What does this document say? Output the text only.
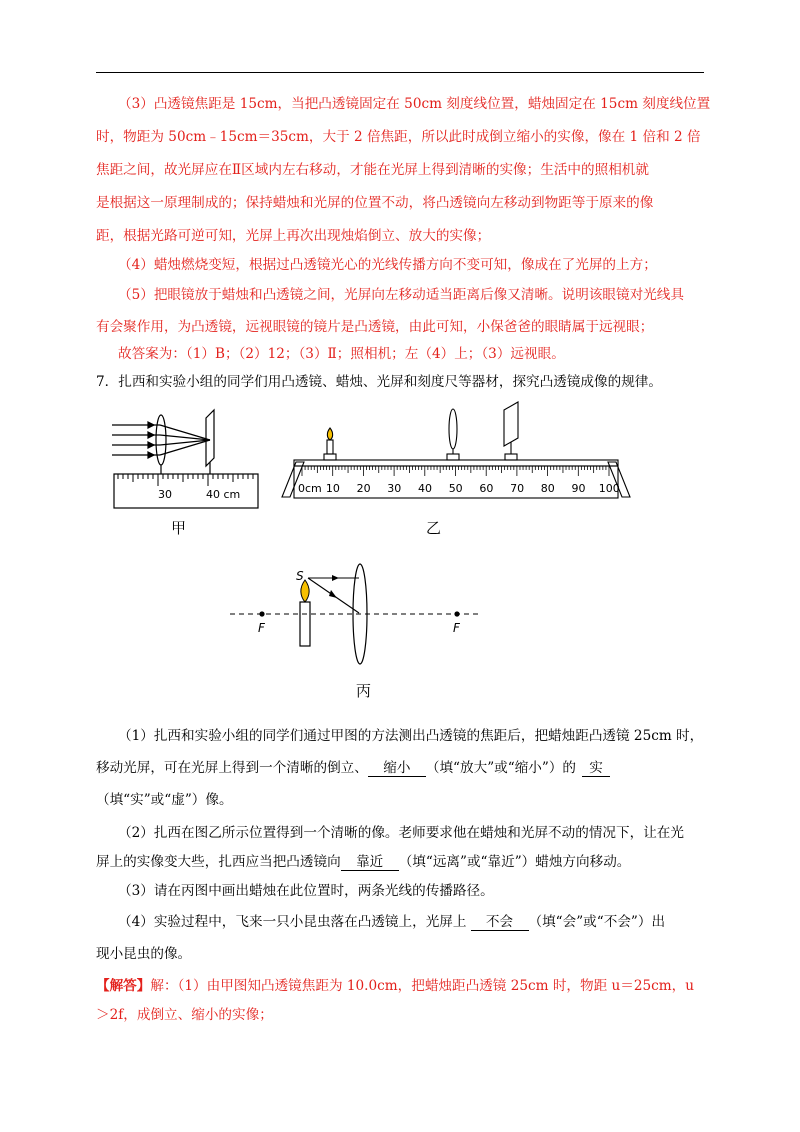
（3）凸透镜焦距是 15cm，当把凸透镜固定在 50cm 刻度线位置，蜡烛固定在 15cm 刻度线位置
时，物距为 50cm﹣15cm＝35cm，大于 2 倍焦距，所以此时成倒立缩小的实像，像在 1 倍和 2 倍
焦距之间，故光屏应在Ⅱ区域内左右移动，才能在光屏上得到清晰的实像；生活中的照相机就
是根据这一原理制成的；保持蜡烛和光屏的位置不动，将凸透镜向左移动到物距等于原来的像
距，根据光路可逆可知，光屏上再次出现烛焰倒立、放大的实像；
（4）蜡烛燃烧变短，根据过凸透镜光心的光线传播方向不变可知，像成在了光屏的上方；
（5）把眼镜放于蜡烛和凸透镜之间，光屏向左移动适当距离后像又清晰。说明该眼镜对光线具
有会聚作用，为凸透镜，远视眼镜的镜片是凸透镜，由此可知，小保爸爸的眼睛属于远视眼；
故答案为：（1）B；（2）12；（3）Ⅱ；照相机；左（4）上；（3）远视眼。
7．扎西和实验小组的同学们用凸透镜、蜡烛、光屏和刻度尺等器材，探究凸透镜成像的规律。
30	40 cm
甲
0cm 10 20 30 40 50 60 70 80 90 100
乙
S
F	F
丙
（1）扎西和实验小组的同学们通过甲图的方法测出凸透镜的焦距后，把蜡烛距凸透镜 25cm 时，
移动光屏，可在光屏上得到一个清晰的倒立、 缩小 （填“放大”或“缩小”）的 实
（填“实”或“虚”）像。
（2）扎西在图乙所示位置得到一个清晰的像。老师要求他在蜡烛和光屏不动的情况下，让在光
屏上的实像变大些，扎西应当把凸透镜向 靠近 （填“远离”或“靠近”）蜡烛方向移动。
（3）请在丙图中画出蜡烛在此位置时，两条光线的传播路径。
（4）实验过程中，飞来一只小昆虫落在凸透镜上，光屏上 不会 （填“会”或“不会”）出
现小昆虫的像。
【解答】解：（1）由甲图知凸透镜焦距为 10.0cm，把蜡烛距凸透镜 25cm 时，物距 u＝25cm，u
＞2f，成倒立、缩小的实像；
